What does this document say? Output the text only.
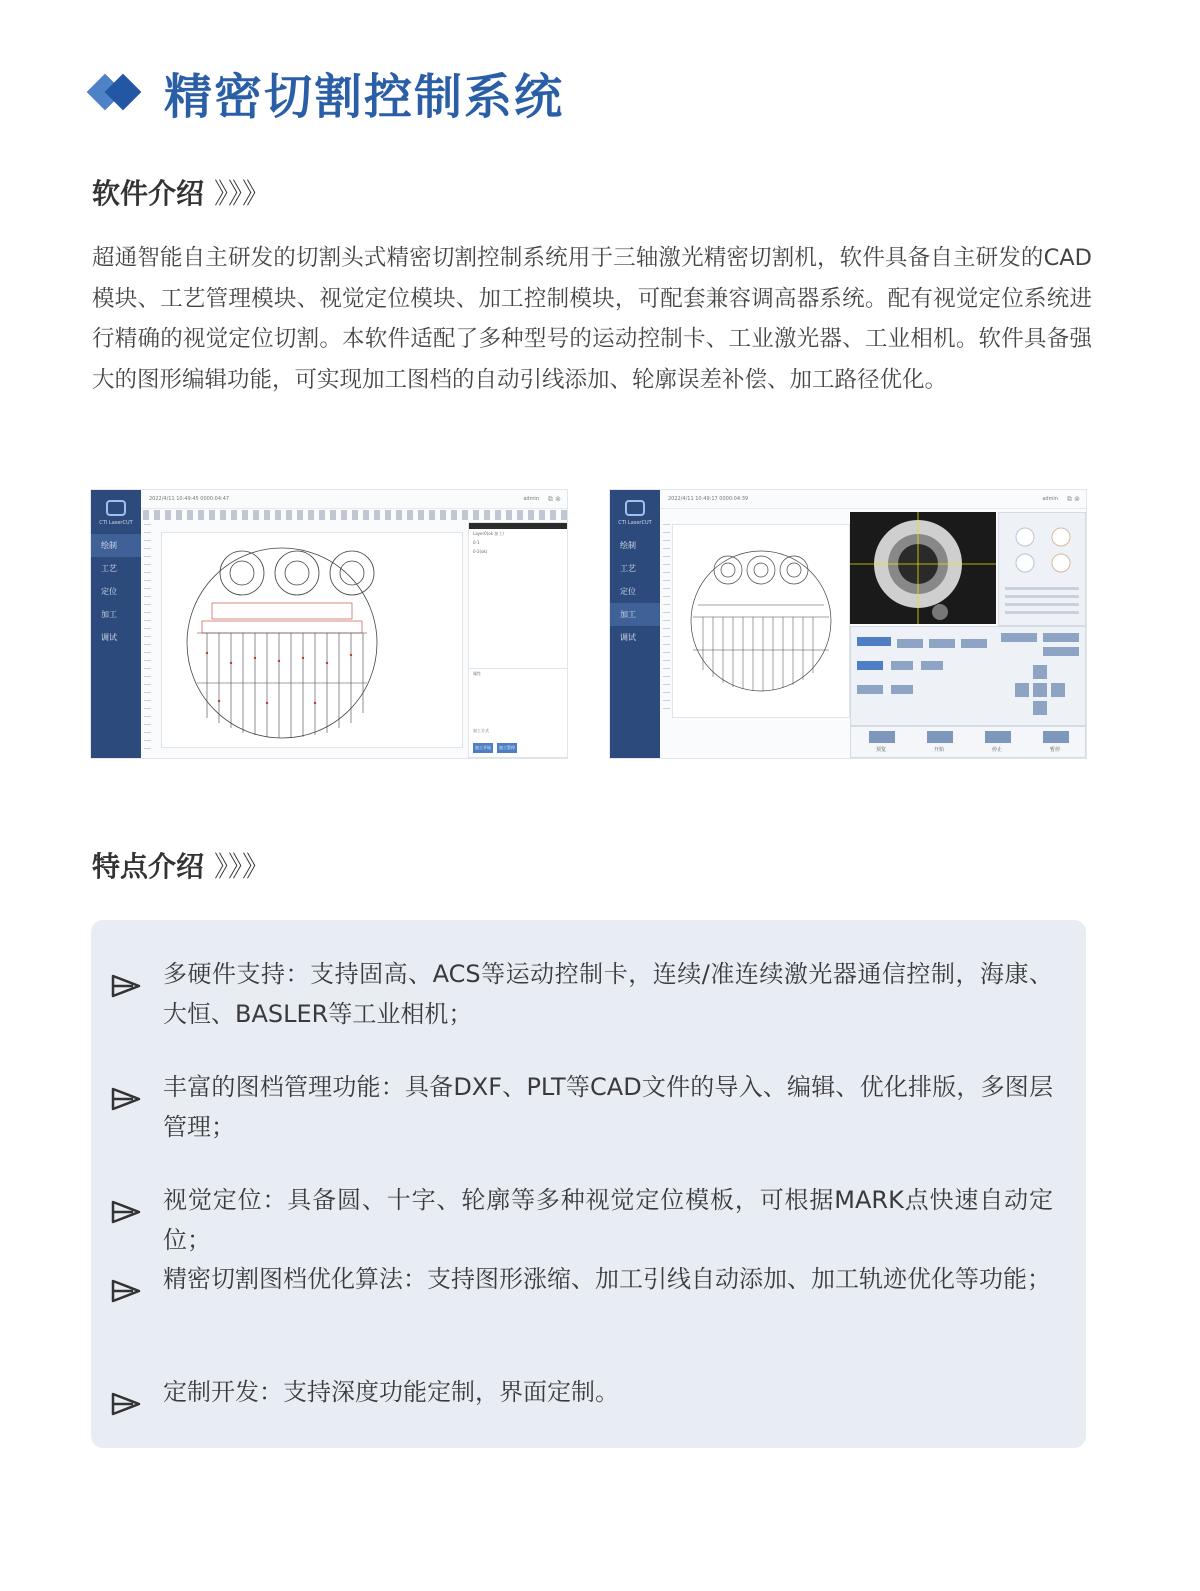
精密切割控制系统
软件介绍 》》》
超通智能自主研发的切割头式精密切割控制系统用于三轴激光精密切割机，软件具备自主研发的CAD模块、工艺管理模块、视觉定位模块、加工控制模块，可配套兼容调高器系统。配有视觉定位系统进行精确的视觉定位切割。本软件适配了多种型号的运动控制卡、工业激光器、工业相机。软件具备强大的图形编辑功能，可实现加工图档的自动引线添加、轮廓误差补偿、加工路径优化。
CTI LaserCUT
绘制
工艺
定位
加工
调试
2022/4/11 10:49:45 0000:04:47	admin ⧉ ⊗
Layer0(ok 加工)
0-1
0-2(ok)
属性
加工方式
加工开始	加工暂停
CTI LaserCUT
绘制
工艺
定位
加工
调试
2022/4/11 10:49:17 0000:04:39	admin ⧉ ⊗
预览	开始	停止	暂停
特点介绍 》》》
多硬件支持：支持固高、ACS等运动控制卡，连续/准连续激光器通信控制，海康、大恒、BASLER等工业相机；
丰富的图档管理功能：具备DXF、PLT等CAD文件的导入、编辑、优化排版，多图层管理；
视觉定位：具备圆、十字、轮廓等多种视觉定位模板，可根据MARK点快速自动定位；
精密切割图档优化算法：支持图形涨缩、加工引线自动添加、加工轨迹优化等功能；
定制开发：支持深度功能定制，界面定制。
